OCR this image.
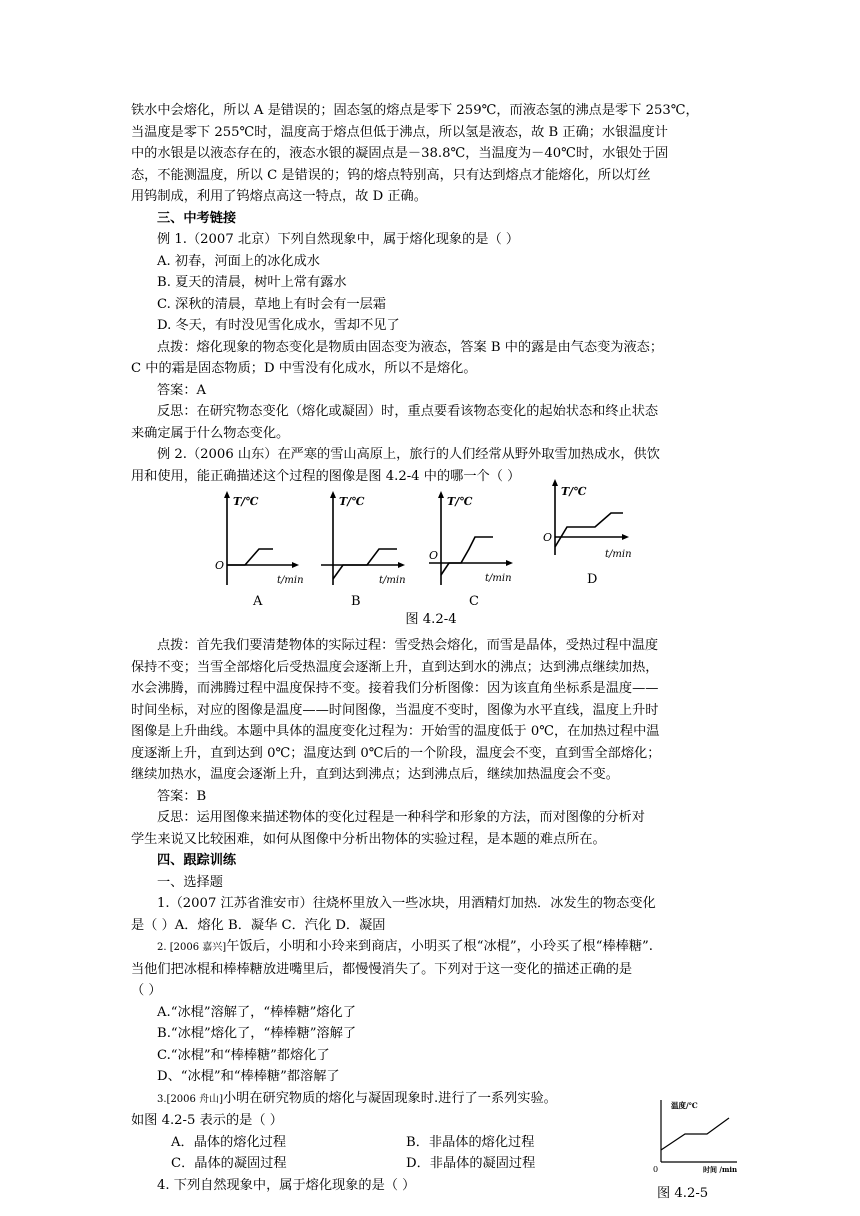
铁水中会熔化，所以 A 是错误的；固态氢的熔点是零下 259℃，而液态氢的沸点是零下 253℃，

当温度是零下 255℃时，温度高于熔点但低于沸点，所以氢是液态，故 B 正确；水银温度计

中的水银是以液态存在的，液态水银的凝固点是－38.8℃，当温度为－40℃时，水银处于固

态，不能测温度，所以 C 是错误的；钨的熔点特别高，只有达到熔点才能熔化，所以灯丝

用钨制成，利用了钨熔点高这一特点，故 D 正确。

三、中考链接

例 1.（2007 北京）下列自然现象中，属于熔化现象的是（ ）

A. 初春，河面上的冰化成水

B. 夏天的清晨，树叶上常有露水

C. 深秋的清晨，草地上有时会有一层霜

D. 冬天，有时没见雪化成水，雪却不见了

点拨：熔化现象的物态变化是物质由固态变为液态，答案 B 中的露是由气态变为液态；

C 中的霜是固态物质；D 中雪没有化成水，所以不是熔化。

答案：A

反思：在研究物态变化（熔化或凝固）时，重点要看该物态变化的起始状态和终止状态

来确定属于什么物态变化。

例 2.（2006 山东）在严寒的雪山高原上，旅行的人们经常从野外取雪加热成水，供饮

用和使用，能正确描述这个过程的图像是图 4.2-4 中的哪一个（ ）

T/℃
O
t/min
A
T/℃
t/min
B
T/℃
O
t/min
C
T/℃
O
t/min
D
图 4.2-4

点拨：首先我们要清楚物体的实际过程：雪受热会熔化，而雪是晶体，受热过程中温度

保持不变；当雪全部熔化后受热温度会逐渐上升，直到达到水的沸点；达到沸点继续加热，

水会沸腾，而沸腾过程中温度保持不变。接着我们分析图像：因为该直角坐标系是温度——

时间坐标，对应的图像是温度——时间图像，当温度不变时，图像为水平直线，温度上升时

图像是上升曲线。本题中具体的温度变化过程为：开始雪的温度低于 0℃，在加热过程中温

度逐渐上升，直到达到 0℃；温度达到 0℃后的一个阶段，温度会不变，直到雪全部熔化；

继续加热水，温度会逐渐上升，直到达到沸点；达到沸点后，继续加热温度会不变。

答案：B

反思：运用图像来描述物体的变化过程是一种科学和形象的方法，而对图像的分析对

学生来说又比较困难，如何从图像中分析出物体的实验过程，是本题的难点所在。

四、跟踪训练

一、选择题

1.（2007 江苏省淮安市）往烧杯里放入一些冰块，用酒精灯加热．冰发生的物态变化

是（ ）A．熔化 B．凝华 C．汽化 D．凝固

2. [2006 嘉兴]午饭后，小明和小玲来到商店，小明买了根“冰棍”，小玲买了根“棒棒糖”.

当他们把冰棍和棒棒糖放进嘴里后，都慢慢消失了。下列对于这一变化的描述正确的是

（ ）

A.“冰棍”溶解了，“棒棒糖”熔化了

B.“冰棍”熔化了，“棒棒糖”溶解了

C.“冰棍”和“棒棒糖”都熔化了

D、“冰棍”和“棒棒糖”都溶解了

3.[2006 舟山]小明在研究物质的熔化与凝固现象时.进行了一系列实验。

如图 4.2-5 表示的是（ ）

A．晶体的熔化过程	B．非晶体的熔化过程
C．晶体的凝固过程	D．非晶体的凝固过程

4. 下列自然现象中，属于熔化现象的是（ ）

温度/℃
0	时间 /min
图 4.2-5
